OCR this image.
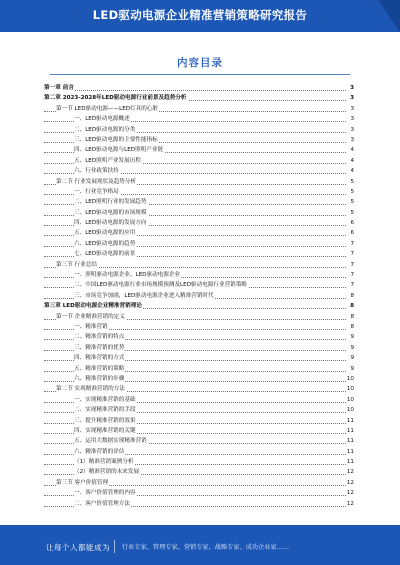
LED驱动电源企业精准营销策略研究报告
内容目录
第一章 前言	3
第二章 2023-2028年LED驱动电源行业前景及趋势分析	3
第一节 LED驱动电源——LED灯具的心脏	3
一、LED驱动电源概述	3
二、LED驱动电源的分类	3
三、LED驱动电源的主要性能指标	3
四、LED驱动电源与LED照明产业链	4
五、LED照明产业发展历程	4
六、行业政策扶持	4
第二节 行业发展现状及趋势分析	5
一、行业竞争格局	5
二、LED照明行业的发展趋势	5
三、LED驱动电源的市场规模	5
四、LED驱动电源的发展方向	6
五、LED驱动电源的应用	6
六、LED驱动电源的趋势	7
七、LED驱动电源的前景	7
第三节 行业总结	7
一、照明驱动电源企业、LED驱动电源企业	7
二、中国LED驱动电源行业市场规模预测及LED驱动电源行业营销策略	7
三、市场竞争加剧，LED驱动电源企业进入精准营销时代	8
第三章 LED驱动电源企业精准营销理论	8
第一节 企业精准营销的定义	8
一、精准营销	8
二、精准营销的特点	9
三、精准营销的优势	9
四、精准营销的方式	9
五、精准营销的策略	9
六、精准营销的步骤	10
第二节 实现精准营销的方法	10
一、实现精准营销的基础	10
二、实现精准营销的手段	10
三、提升精准营销的效果	11
四、实现精准营销的关键	11
五、运用大数据实现精准营销	11
六、精准营销的评估	11
（1）精准营销案例分析	11
（2）精准营销的未来发展	12
第三节 客户价值管理	12
一、客户价值管理的内容	12
二、客户价值管理方法	12
让每个人都能成为 行业专家、管理专家、营销专家、战略专家、成功企业家……
